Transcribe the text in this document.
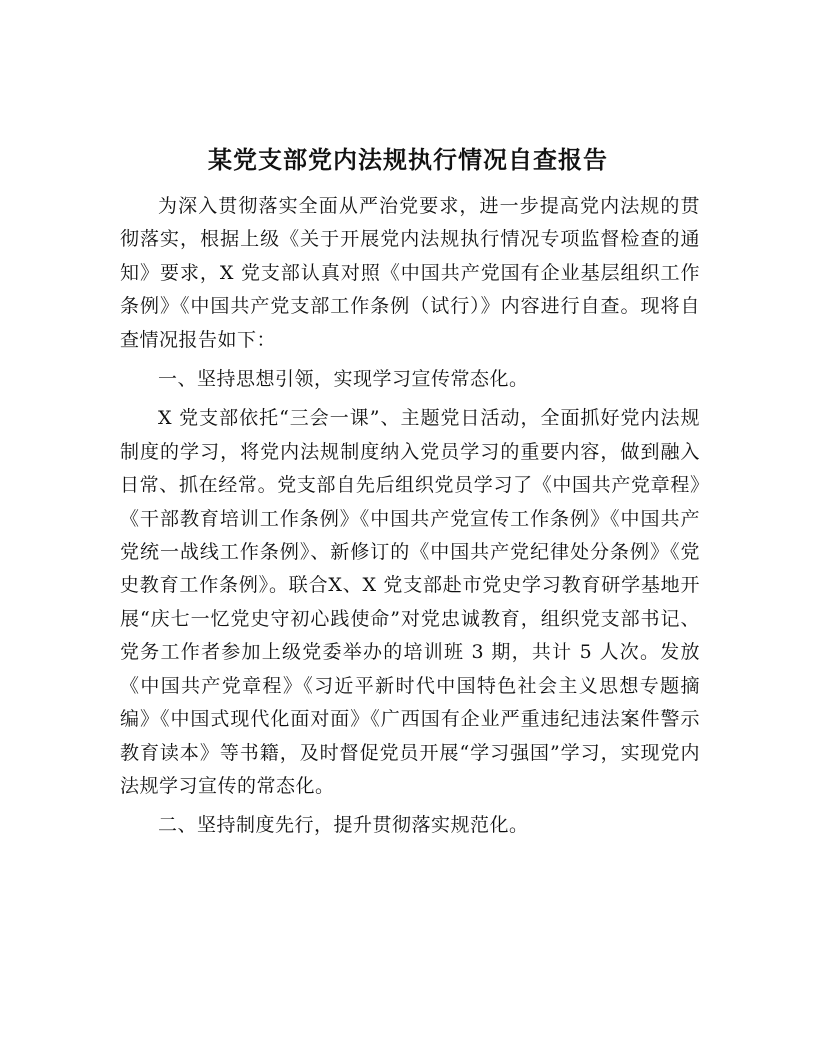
某党支部党内法规执行情况自查报告

为深入贯彻落实全面从严治党要求，进一步提高党内法规的贯彻落实，根据上级《关于开展党内法规执行情况专项监督检查的通知》要求，X 党支部认真对照《中国共产党国有企业基层组织工作条例》《中国共产党支部工作条例（试行）》内容进行自查。现将自查情况报告如下：

一、坚持思想引领，实现学习宣传常态化。

X 党支部依托“三会一课”、主题党日活动，全面抓好党内法规制度的学习，将党内法规制度纳入党员学习的重要内容，做到融入日常、抓在经常。党支部自先后组织党员学习了《中国共产党章程》《干部教育培训工作条例》《中国共产党宣传工作条例》《中国共产党统一战线工作条例》、新修订的《中国共产党纪律处分条例》《党史教育工作条例》。联合X、X 党支部赴市党史学习教育研学基地开展“庆七一忆党史守初心践使命”对党忠诚教育，组织党支部书记、党务工作者参加上级党委举办的培训班 3 期，共计 5 人次。发放《中国共产党章程》《习近平新时代中国特色社会主义思想专题摘编》《中国式现代化面对面》《广西国有企业严重违纪违法案件警示教育读本》等书籍，及时督促党员开展“学习强国”学习，实现党内法规学习宣传的常态化。

二、坚持制度先行，提升贯彻落实规范化。
